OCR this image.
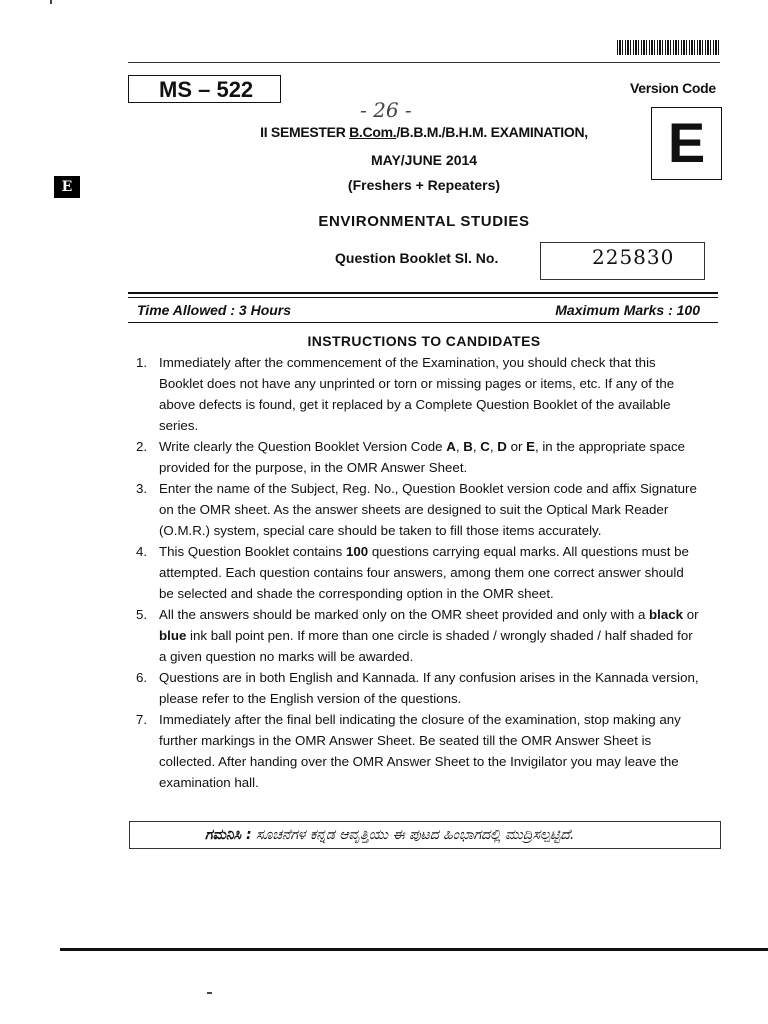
MS – 522	Version Code
E
- 26 -
E
II SEMESTER B.Com./B.B.M./B.H.M. EXAMINATION,
MAY/JUNE 2014
(Freshers + Repeaters)
ENVIRONMENTAL STUDIES
Question Booklet Sl. No.	225830
Time Allowed : 3 Hours	Maximum Marks : 100
INSTRUCTIONS TO CANDIDATES
1. Immediately after the commencement of the Examination, you should check that this Booklet does not have any unprinted or torn or missing pages or items, etc. If any of the above defects is found, get it replaced by a Complete Question Booklet of the available series.
2. Write clearly the Question Booklet Version Code A, B, C, D or E, in the appropriate space provided for the purpose, in the OMR Answer Sheet.
3. Enter the name of the Subject, Reg. No., Question Booklet version code and affix Signature on the OMR sheet. As the answer sheets are designed to suit the Optical Mark Reader (O.M.R.) system, special care should be taken to fill those items accurately.
4. This Question Booklet contains 100 questions carrying equal marks. All questions must be attempted. Each question contains four answers, among them one correct answer should be selected and shade the corresponding option in the OMR sheet.
5. All the answers should be marked only on the OMR sheet provided and only with a black or blue ink ball point pen. If more than one circle is shaded / wrongly shaded / half shaded for a given question no marks will be awarded.
6. Questions are in both English and Kannada. If any confusion arises in the Kannada version, please refer to the English version of the questions.
7. Immediately after the final bell indicating the closure of the examination, stop making any further markings in the OMR Answer Sheet. Be seated till the OMR Answer Sheet is collected. After handing over the OMR Answer Sheet to the Invigilator you may leave the examination hall.
ಗಮನಿಸಿ : ಸೂಚನೆಗಳ ಕನ್ನಡ ಆವೃತ್ತಿಯು ಈ ಪುಟದ ಹಿಂಭಾಗದಲ್ಲಿ ಮುದ್ರಿಸಲ್ಪಟ್ಟಿದೆ.
